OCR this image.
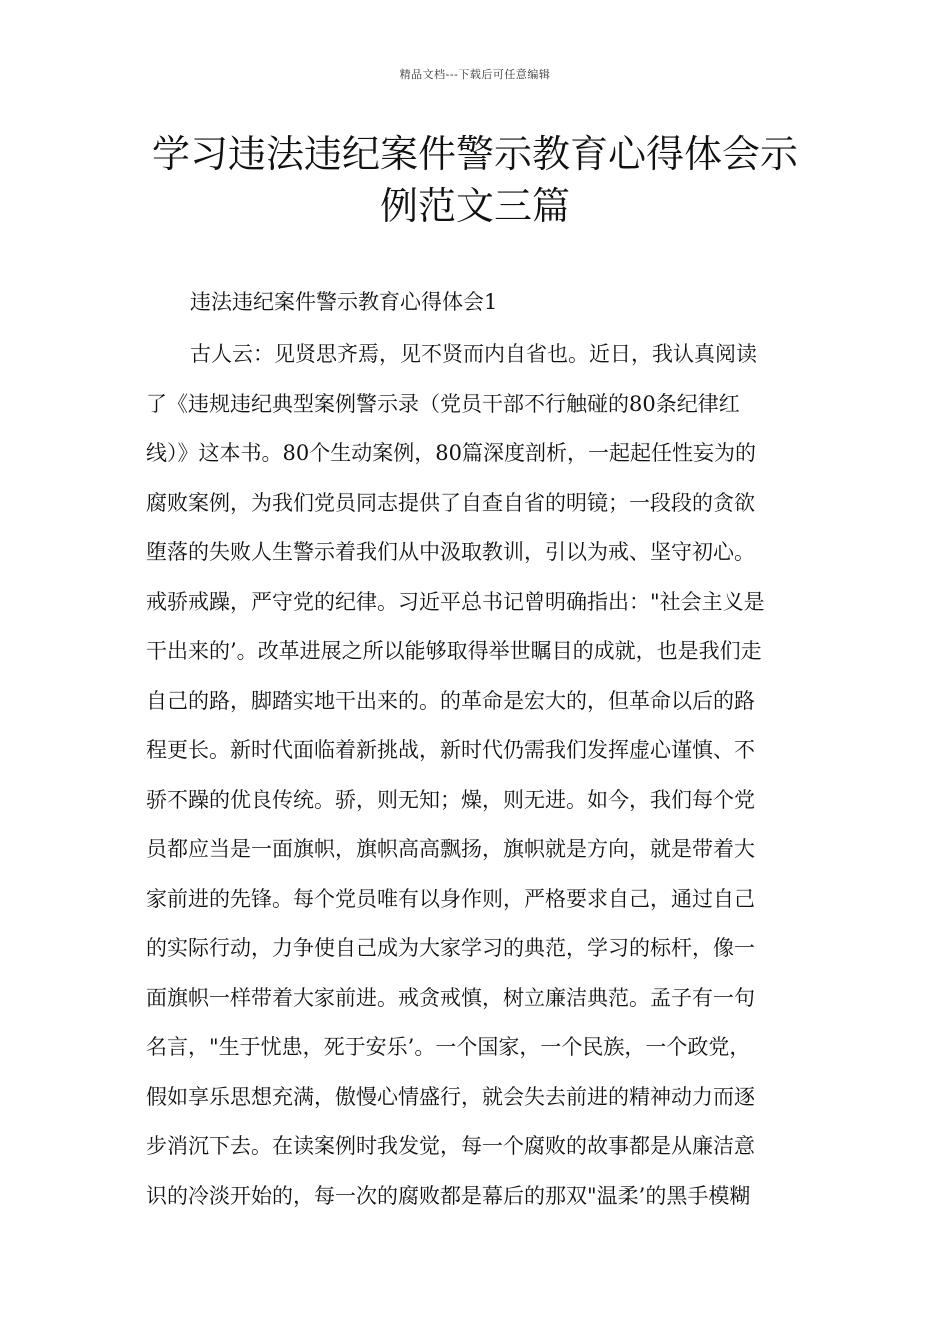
精品文档---下载后可任意编辑
学习违法违纪案件警示教育心得体会示
例范文三篇
违法违纪案件警示教育心得体会1
古人云：见贤思齐焉，见不贤而内自省也。近日，我认真阅读
了《违规违纪典型案例警示录（党员干部不行触碰的80条纪律红
线）》这本书。80个生动案例，80篇深度剖析，一起起任性妄为的
腐败案例，为我们党员同志提供了自查自省的明镜；一段段的贪欲
堕落的失败人生警示着我们从中汲取教训，引以为戒、坚守初心。
戒骄戒躁，严守党的纪律。习近平总书记曾明确指出："社会主义是
干出来的’。改革进展之所以能够取得举世瞩目的成就，也是我们走
自己的路，脚踏实地干出来的。的革命是宏大的，但革命以后的路
程更长。新时代面临着新挑战，新时代仍需我们发挥虚心谨慎、不
骄不躁的优良传统。骄，则无知；燥，则无进。如今，我们每个党
员都应当是一面旗帜，旗帜高高飘扬，旗帜就是方向，就是带着大
家前进的先锋。每个党员唯有以身作则，严格要求自己，通过自己
的实际行动，力争使自己成为大家学习的典范，学习的标杆，像一
面旗帜一样带着大家前进。戒贪戒慎，树立廉洁典范。孟子有一句
名言，"生于忧患，死于安乐’。一个国家，一个民族，一个政党，
假如享乐思想充满，傲慢心情盛行，就会失去前进的精神动力而逐
步消沉下去。在读案例时我发觉，每一个腐败的故事都是从廉洁意
识的冷淡开始的，每一次的腐败都是幕后的那双"温柔’的黑手模糊
